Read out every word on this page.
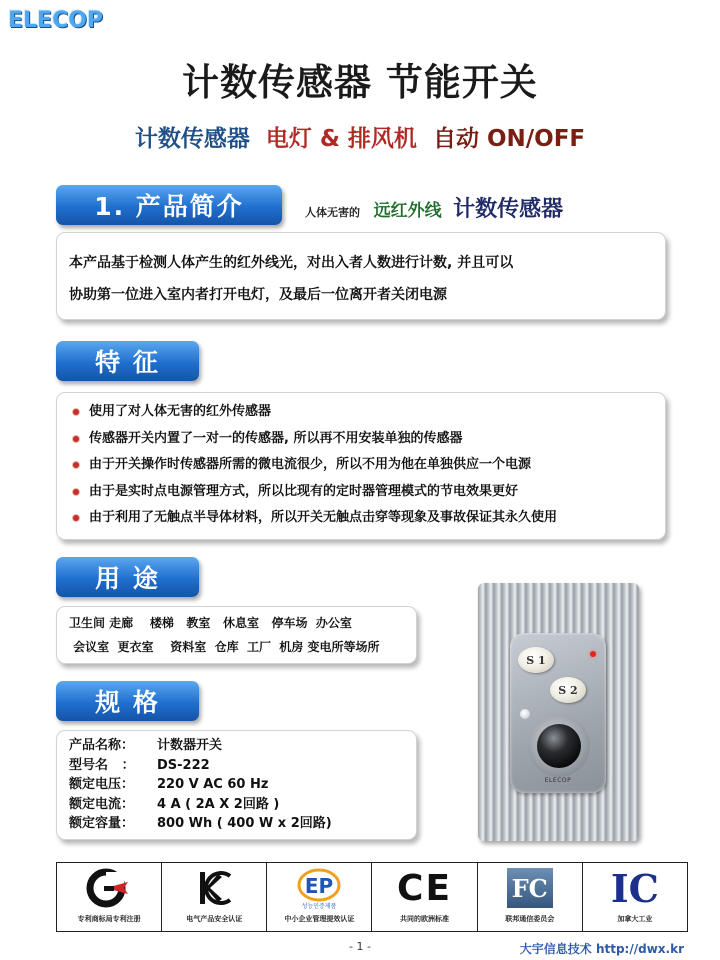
ELECOP
计数传感器 节能开关
计数传感器 电灯 & 排风机 自动 ON/OFF
1. 产品简介	人体无害的 远红外线 计数传感器
本产品基于检测人体产生的红外线光，对出入者人数进行计数, 并且可以
协助第一位进入室内者打开电灯，及最后一位离开者关闭电源
特 征
使用了对人体无害的红外传感器
传感器开关内置了一对一的传感器, 所以再不用安装单独的传感器
由于开关操作时传感器所需的微电流很少，所以不用为他在单独供应一个电源
由于是实时点电源管理方式，所以比现有的定时器管理模式的节电效果更好
由于利用了无触点半导体材料，所以开关无触点击穿等现象及事故保证其永久使用
用 途
卫生间 走廊    楼梯   教室   休息室   停车场  办公室
会议室  更衣室    资料室  仓库  工厂  机房 变电所等场所
规 格
产品名称：	计数器开关
型号名   ：	DS-222
额定电压：	220 V AC 60 Hz
额定电流：	4 A ( 2A X 2回路 )
额定容量：	800 Wh ( 400 W x 2回路)
S 1
S 2
ELECOP
专利商标局专利注册	电气产品安全认证

EP
성능인증제품
中小企业管理提效认证

CE
共同的欧洲标准

FC
联邦通信委员会

IC
加拿大工业
- 1 -	大宇信息技术 http://dwx.kr
